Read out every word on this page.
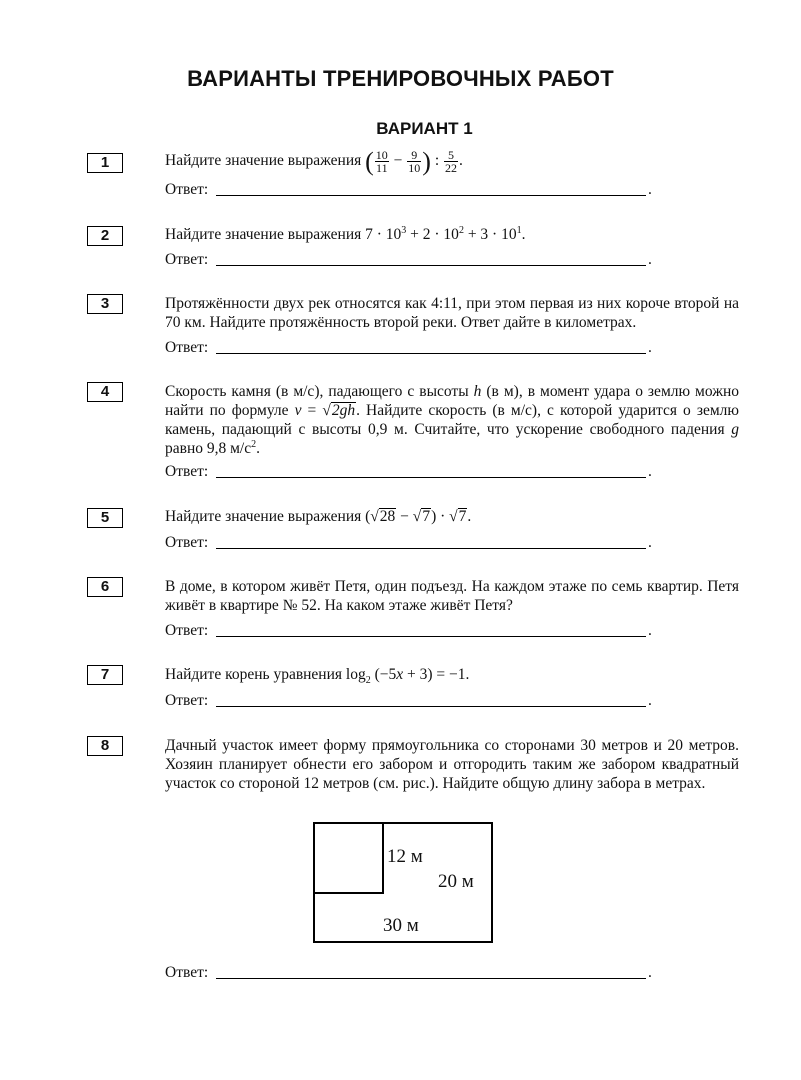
ВАРИАНТЫ ТРЕНИРОВОЧНЫХ РАБОТ
ВАРИАНТ 1
1	Найдите значение выражения ( $\frac{10}{11} - \frac{9}{10}$ ) : $\frac{5}{22}$ .
Ответ:	.
2	Найдите значение выражения $7 \cdot 10^3 + 2 \cdot 10^2 + 3 \cdot 10^1$.
Ответ:	.
3	Протяжённости двух рек относятся как 4:11, при этом первая из них короче второй на 70 км. Найдите протяжённость второй реки. Ответ дайте в километрах.
Ответ:	.
4	Скорость камня (в м/с), падающего с высоты h (в м), в момент удара о землю можно найти по формуле v = √2gh. Найдите скорость (в м/с), с которой ударится о землю камень, падающий с высоты 0,9 м. Считайте, что ускорение свободного падения g равно 9,8 $м/с^2$.
Ответ:	.
5	Найдите значение выражения (√28 − √7) · √7.
Ответ:	.
6	В доме, в котором живёт Петя, один подъезд. На каждом этаже по семь квартир. Петя живёт в квартире № 52. На каком этаже живёт Петя?
Ответ:	.
7	Найдите корень уравнения $\log_2 (-5x + 3) = -1$.
Ответ:	.
8	Дачный участок имеет форму прямоугольника со сторонами 30 метров и 20 метров. Хозяин планирует обнести его забором и отгородить таким же забором квадратный участок со стороной 12 метров (см. рис.). Найдите общую длину забора в метрах.
12 м
20 м
30 м
Ответ:	.
